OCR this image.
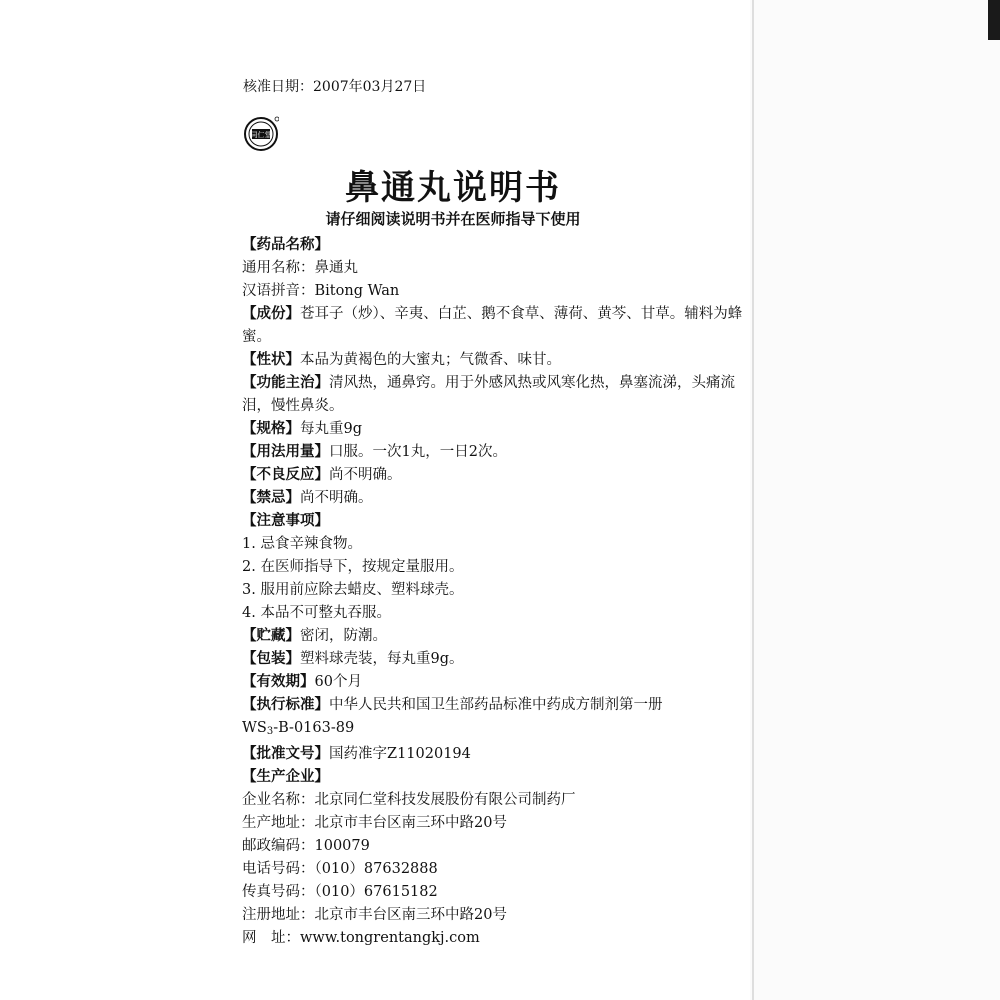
核准日期：2007年03月27日
同仁堂
鼻通丸说明书
请仔细阅读说明书并在医师指导下使用
【药品名称】
通用名称：鼻通丸
汉语拼音：Bitong Wan
【成份】苍耳子（炒）、辛夷、白芷、鹅不食草、薄荷、黄芩、甘草。辅料为蜂蜜。
【性状】本品为黄褐色的大蜜丸；气微香、味甘。
【功能主治】清风热，通鼻窍。用于外感风热或风寒化热，鼻塞流涕，头痛流泪，慢性鼻炎。
【规格】每丸重9g
【用法用量】口服。一次1丸，一日2次。
【不良反应】尚不明确。
【禁忌】尚不明确。
【注意事项】
1. 忌食辛辣食物。
2. 在医师指导下，按规定量服用。
3. 服用前应除去蜡皮、塑料球壳。
4. 本品不可整丸吞服。
【贮藏】密闭，防潮。
【包装】塑料球壳装，每丸重9g。
【有效期】60个月
【执行标准】中华人民共和国卫生部药品标准中药成方制剂第一册
$WS_3-B-0163-89$
【批准文号】国药准字Z11020194
【生产企业】
企业名称：北京同仁堂科技发展股份有限公司制药厂
生产地址：北京市丰台区南三环中路20号
邮政编码：100079
电话号码：（010）87632888
传真号码：（010）67615182
注册地址：北京市丰台区南三环中路20号
网 址：www.tongrentangkj.com
